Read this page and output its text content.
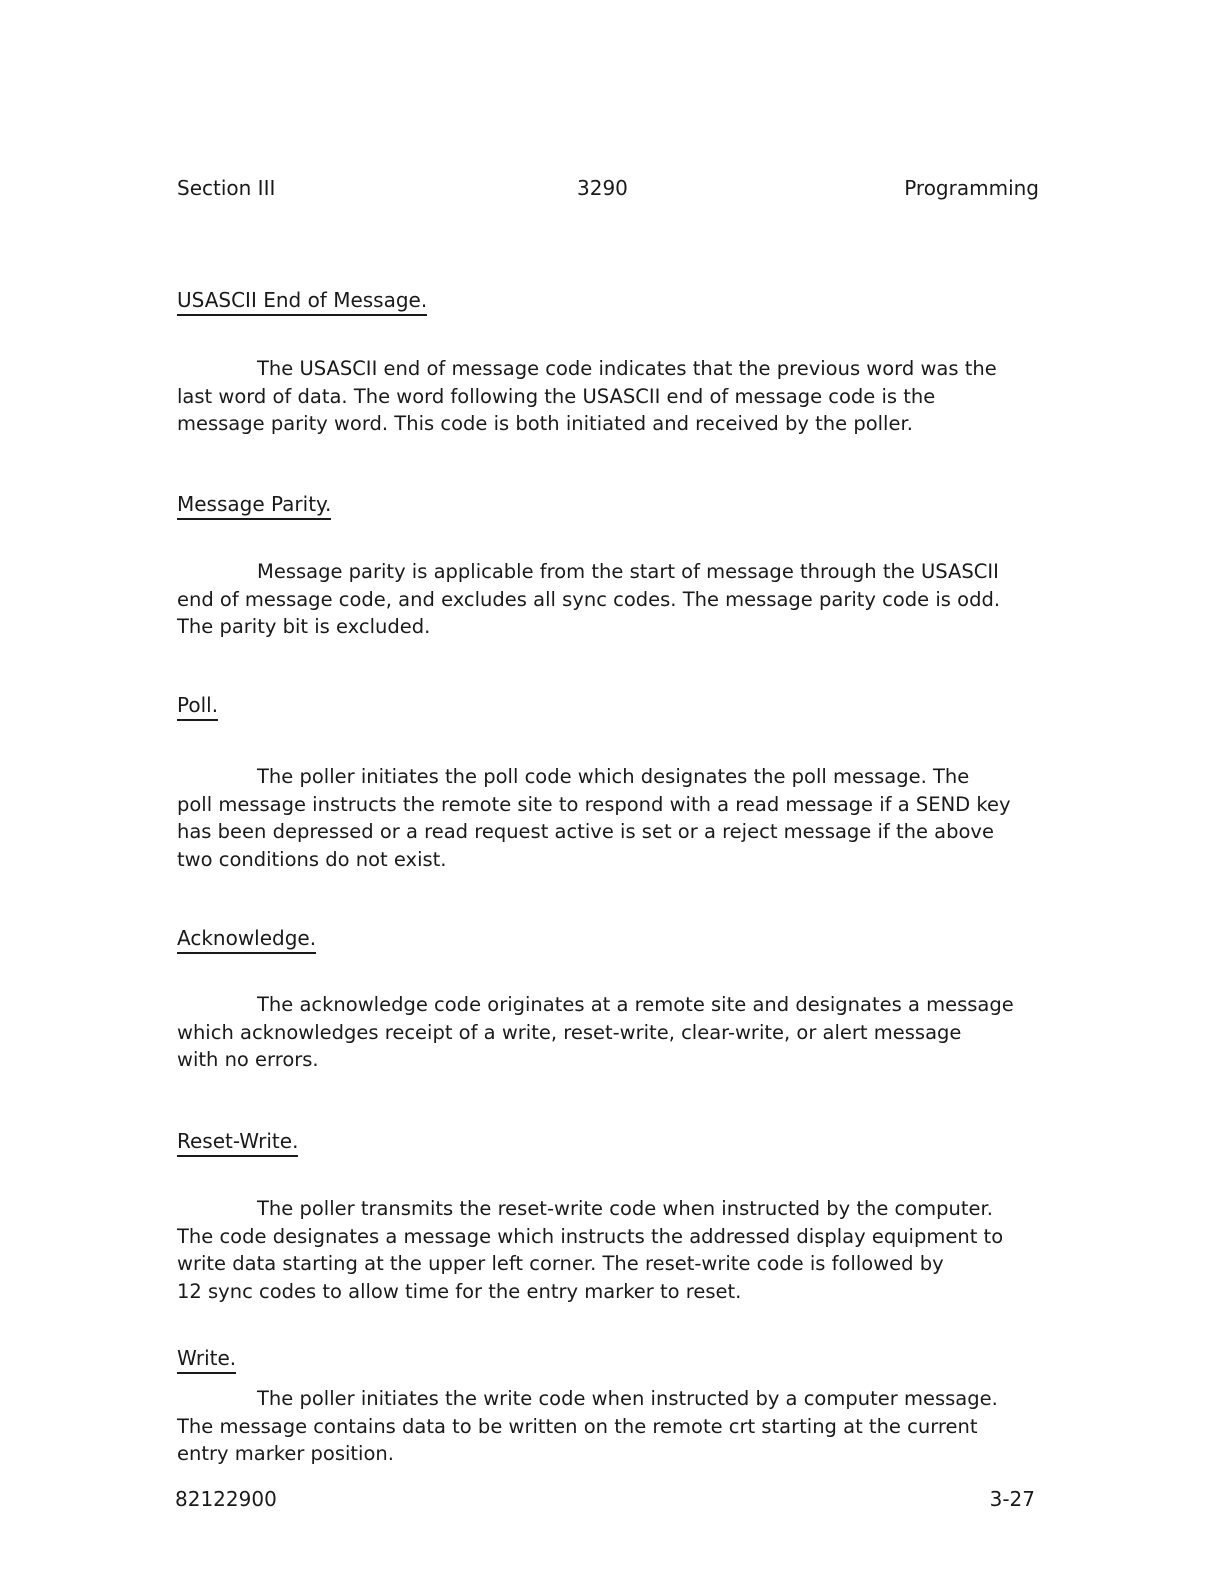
Section III	3290	Programming
USASCII End of Message.
The USASCII end of message code indicates that the previous word was the
last word of data. The word following the USASCII end of message code is the
message parity word. This code is both initiated and received by the poller.
Message Parity.
Message parity is applicable from the start of message through the USASCII
end of message code, and excludes all sync codes. The message parity code is odd.
The parity bit is excluded.
Poll.
The poller initiates the poll code which designates the poll message. The
poll message instructs the remote site to respond with a read message if a SEND key
has been depressed or a read request active is set or a reject message if the above
two conditions do not exist.
Acknowledge.
The acknowledge code originates at a remote site and designates a message
which acknowledges receipt of a write, reset-write, clear-write, or alert message
with no errors.
Reset-Write.
The poller transmits the reset-write code when instructed by the computer.
The code designates a message which instructs the addressed display equipment to
write data starting at the upper left corner. The reset-write code is followed by
12 sync codes to allow time for the entry marker to reset.
Write.
The poller initiates the write code when instructed by a computer message.
The message contains data to be written on the remote crt starting at the current
entry marker position.
82122900	3-27
